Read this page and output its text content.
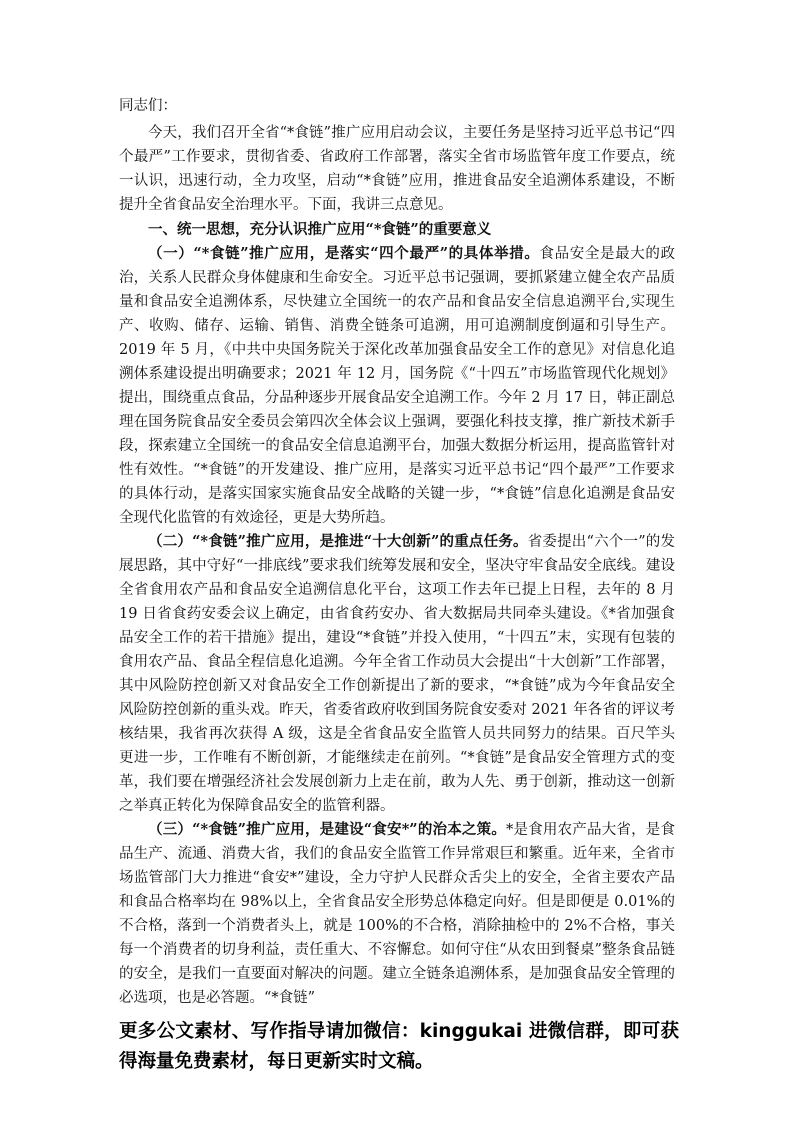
同志们：

今天，我们召开全省“*食链”推广应用启动会议，主要任务是坚持习近平总书记“四个最严”工作要求，贯彻省委、省政府工作部署，落实全省市场监管年度工作要点，统一认识，迅速行动，全力攻坚，启动“*食链”应用，推进食品安全追溯体系建设，不断提升全省食品安全治理水平。下面，我讲三点意见。

一、统一思想，充分认识推广应用“*食链”的重要意义

（一）“*食链”推广应用，是落实“四个最严”的具体举措。食品安全是最大的政治，关系人民群众身体健康和生命安全。习近平总书记强调，要抓紧建立健全农产品质量和食品安全追溯体系，尽快建立全国统一的农产品和食品安全信息追溯平台,实现生产、收购、储存、运输、销售、消费全链条可追溯，用可追溯制度倒逼和引导生产。2019 年 5 月，《中共中央国务院关于深化改革加强食品安全工作的意见》对信息化追溯体系建设提出明确要求；2021 年 12 月，国务院《“十四五”市场监管现代化规划》提出，围绕重点食品，分品种逐步开展食品安全追溯工作。今年 2 月 17 日，韩正副总理在国务院食品安全委员会第四次全体会议上强调，要强化科技支撑，推广新技术新手段，探索建立全国统一的食品安全信息追溯平台，加强大数据分析运用，提高监管针对性有效性。“*食链”的开发建设、推广应用，是落实习近平总书记“四个最严”工作要求的具体行动，是落实国家实施食品安全战略的关键一步，“*食链”信息化追溯是食品安全现代化监管的有效途径，更是大势所趋。

（二）“*食链”推广应用，是推进“十大创新”的重点任务。省委提出“六个一”的发展思路，其中守好“一排底线”要求我们统筹发展和安全，坚决守牢食品安全底线。建设全省食用农产品和食品安全追溯信息化平台，这项工作去年已提上日程，去年的 8 月 19 日省食药安委会议上确定，由省食药安办、省大数据局共同牵头建设。《*省加强食品安全工作的若干措施》提出，建设“*食链”并投入使用，“十四五”末，实现有包装的食用农产品、食品全程信息化追溯。今年全省工作动员大会提出“十大创新”工作部署，其中风险防控创新又对食品安全工作创新提出了新的要求，“*食链”成为今年食品安全风险防控创新的重头戏。昨天，省委省政府收到国务院食安委对 2021 年各省的评议考核结果，我省再次获得 A 级，这是全省食品安全监管人员共同努力的结果。百尺竿头更进一步，工作唯有不断创新，才能继续走在前列。“*食链”是食品安全管理方式的变革，我们要在增强经济社会发展创新力上走在前，敢为人先、勇于创新，推动这一创新之举真正转化为保障食品安全的监管利器。

（三）“*食链”推广应用，是建设“食安*”的治本之策。*是食用农产品大省，是食品生产、流通、消费大省，我们的食品安全监管工作异常艰巨和繁重。近年来，全省市场监管部门大力推进“食安*”建设，全力守护人民群众舌尖上的安全，全省主要农产品和食品合格率均在 98%以上，全省食品安全形势总体稳定向好。但是即便是 0.01%的不合格，落到一个消费者头上，就是 100%的不合格，消除抽检中的 2%不合格，事关每一个消费者的切身利益，责任重大、不容懈怠。如何守住“从农田到餐桌”整条食品链的安全，是我们一直要面对解决的问题。建立全链条追溯体系，是加强食品安全管理的必选项，也是必答题。“*食链”

更多公文素材、写作指导请加微信：kinggukai 进微信群，即可获得海量免费素材，每日更新实时文稿。
